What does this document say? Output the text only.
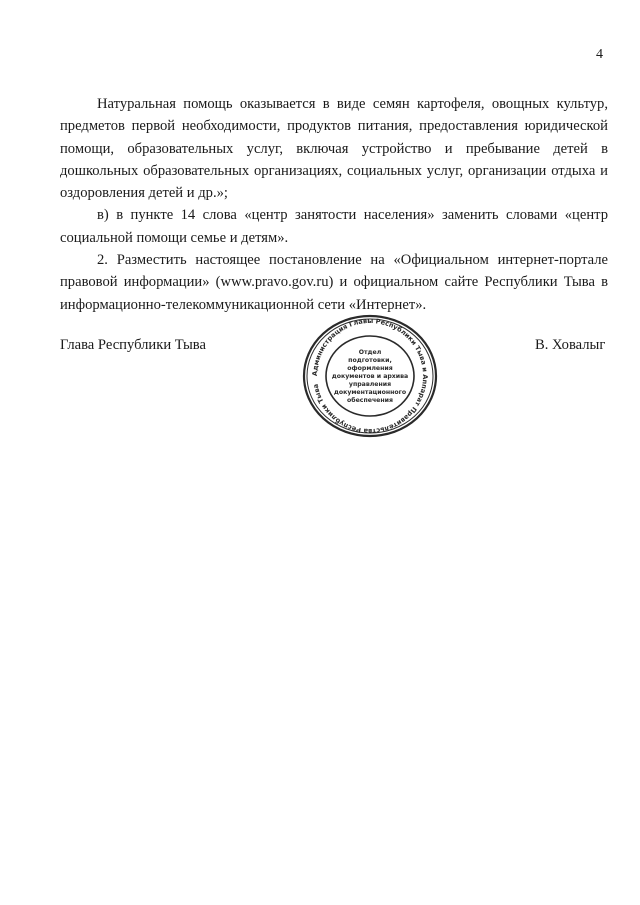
4

Натуральная помощь оказывается в виде семян картофеля, овощных культур, предметов первой необходимости, продуктов питания, предоставления юридической помощи, образовательных услуг, включая устройство и пребывание детей в дошкольных образовательных организациях, социальных услуг, организации отдыха и оздоровления детей и др.»;

в) в пункте 14 слова «центр занятости населения» заменить словами «центр социальной помощи семье и детям».

2. Разместить настоящее постановление на «Официальном интернет-портале правовой информации» (www.pravo.gov.ru) и официальном сайте Республики Тыва в информационно-телекоммуникационной сети «Интернет».

Глава Республики Тыва
Администрация Главы Республики Тыва и Аппарат Правительства Республики Тыва
Отдел
подготовки,
оформления
документов и архива
управления
документационного
обеспечения
В. Ховалыг
